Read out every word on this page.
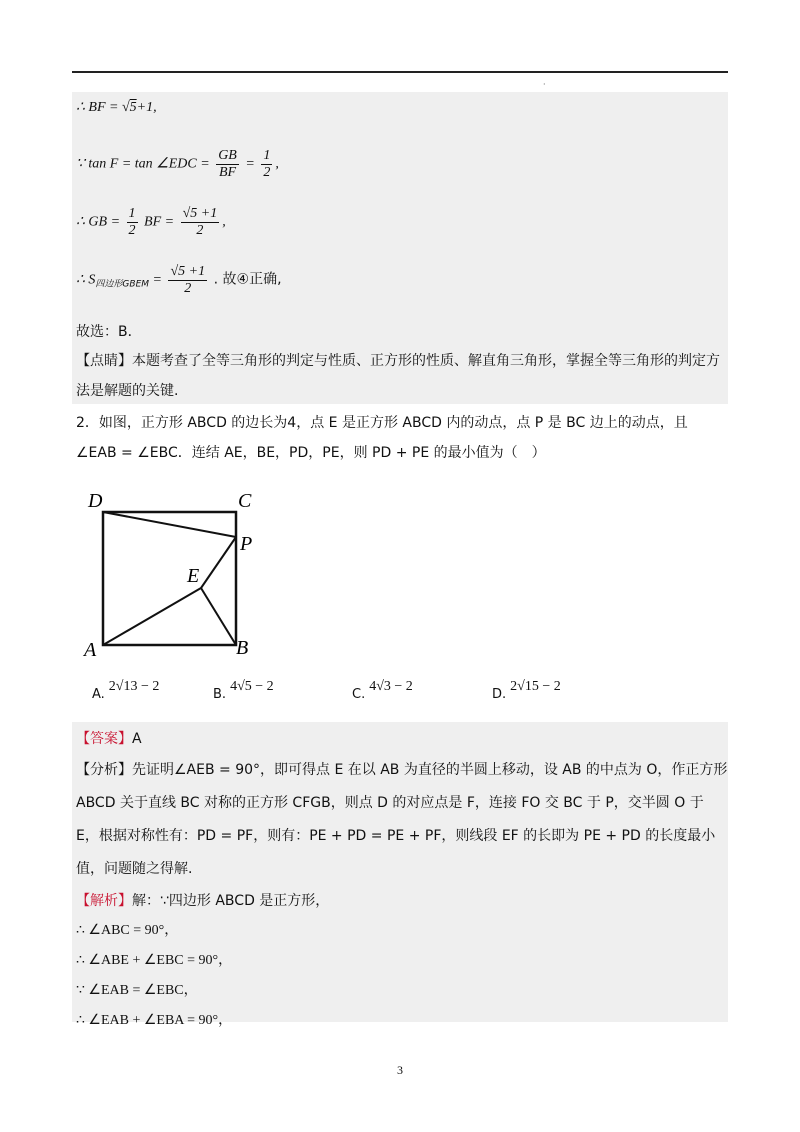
·
∴ BF = √5+1,
∵ tan F = tan ∠EDC = $\frac{GB}{BF} = \frac{1}{2}$ ,
∴ GB = $\frac{1}{2}$ BF = $\frac{√5 +1}{2}$ ,
∴ $S_{四边形GBEM} = \frac{√5 +1}{2}$ . 故④正确,
故选：B．
【点睛】本题考查了全等三角形的判定与性质、正方形的性质、解直角三角形，掌握全等三角形的判定方法是解题的关键.
2．如图，正方形 ABCD 的边长为4，点 E 是正方形 ABCD 内的动点，点 P 是 BC 边上的动点，且
∠EAB = ∠EBC．连结 AE，BE，PD，PE，则 PD + PE 的最小值为（　）
D	C
P
E
A	B
A.2√13 − 2
B.4√5 − 2
C.4√3 − 2
D.2√15 − 2
【答案】A
【分析】先证明∠AEB = 90°，即可得点 E 在以 AB 为直径的半圆上移动，设 AB 的中点为 O，作正方形 ABCD 关于直线 BC 对称的正方形 CFGB，则点 D 的对应点是 F，连接 FO 交 BC 于 P，交半圆 O 于 E，根据对称性有：PD = PF，则有：PE + PD = PE + PF，则线段 EF 的长即为 PE + PD 的长度最小值，问题随之得解.
【解析】解：∵四边形 ABCD 是正方形，
∴ ∠ABC = 90°，
∴ ∠ABE + ∠EBC = 90°，
∵ ∠EAB = ∠EBC，
∴ ∠EAB + ∠EBA = 90°，
3
